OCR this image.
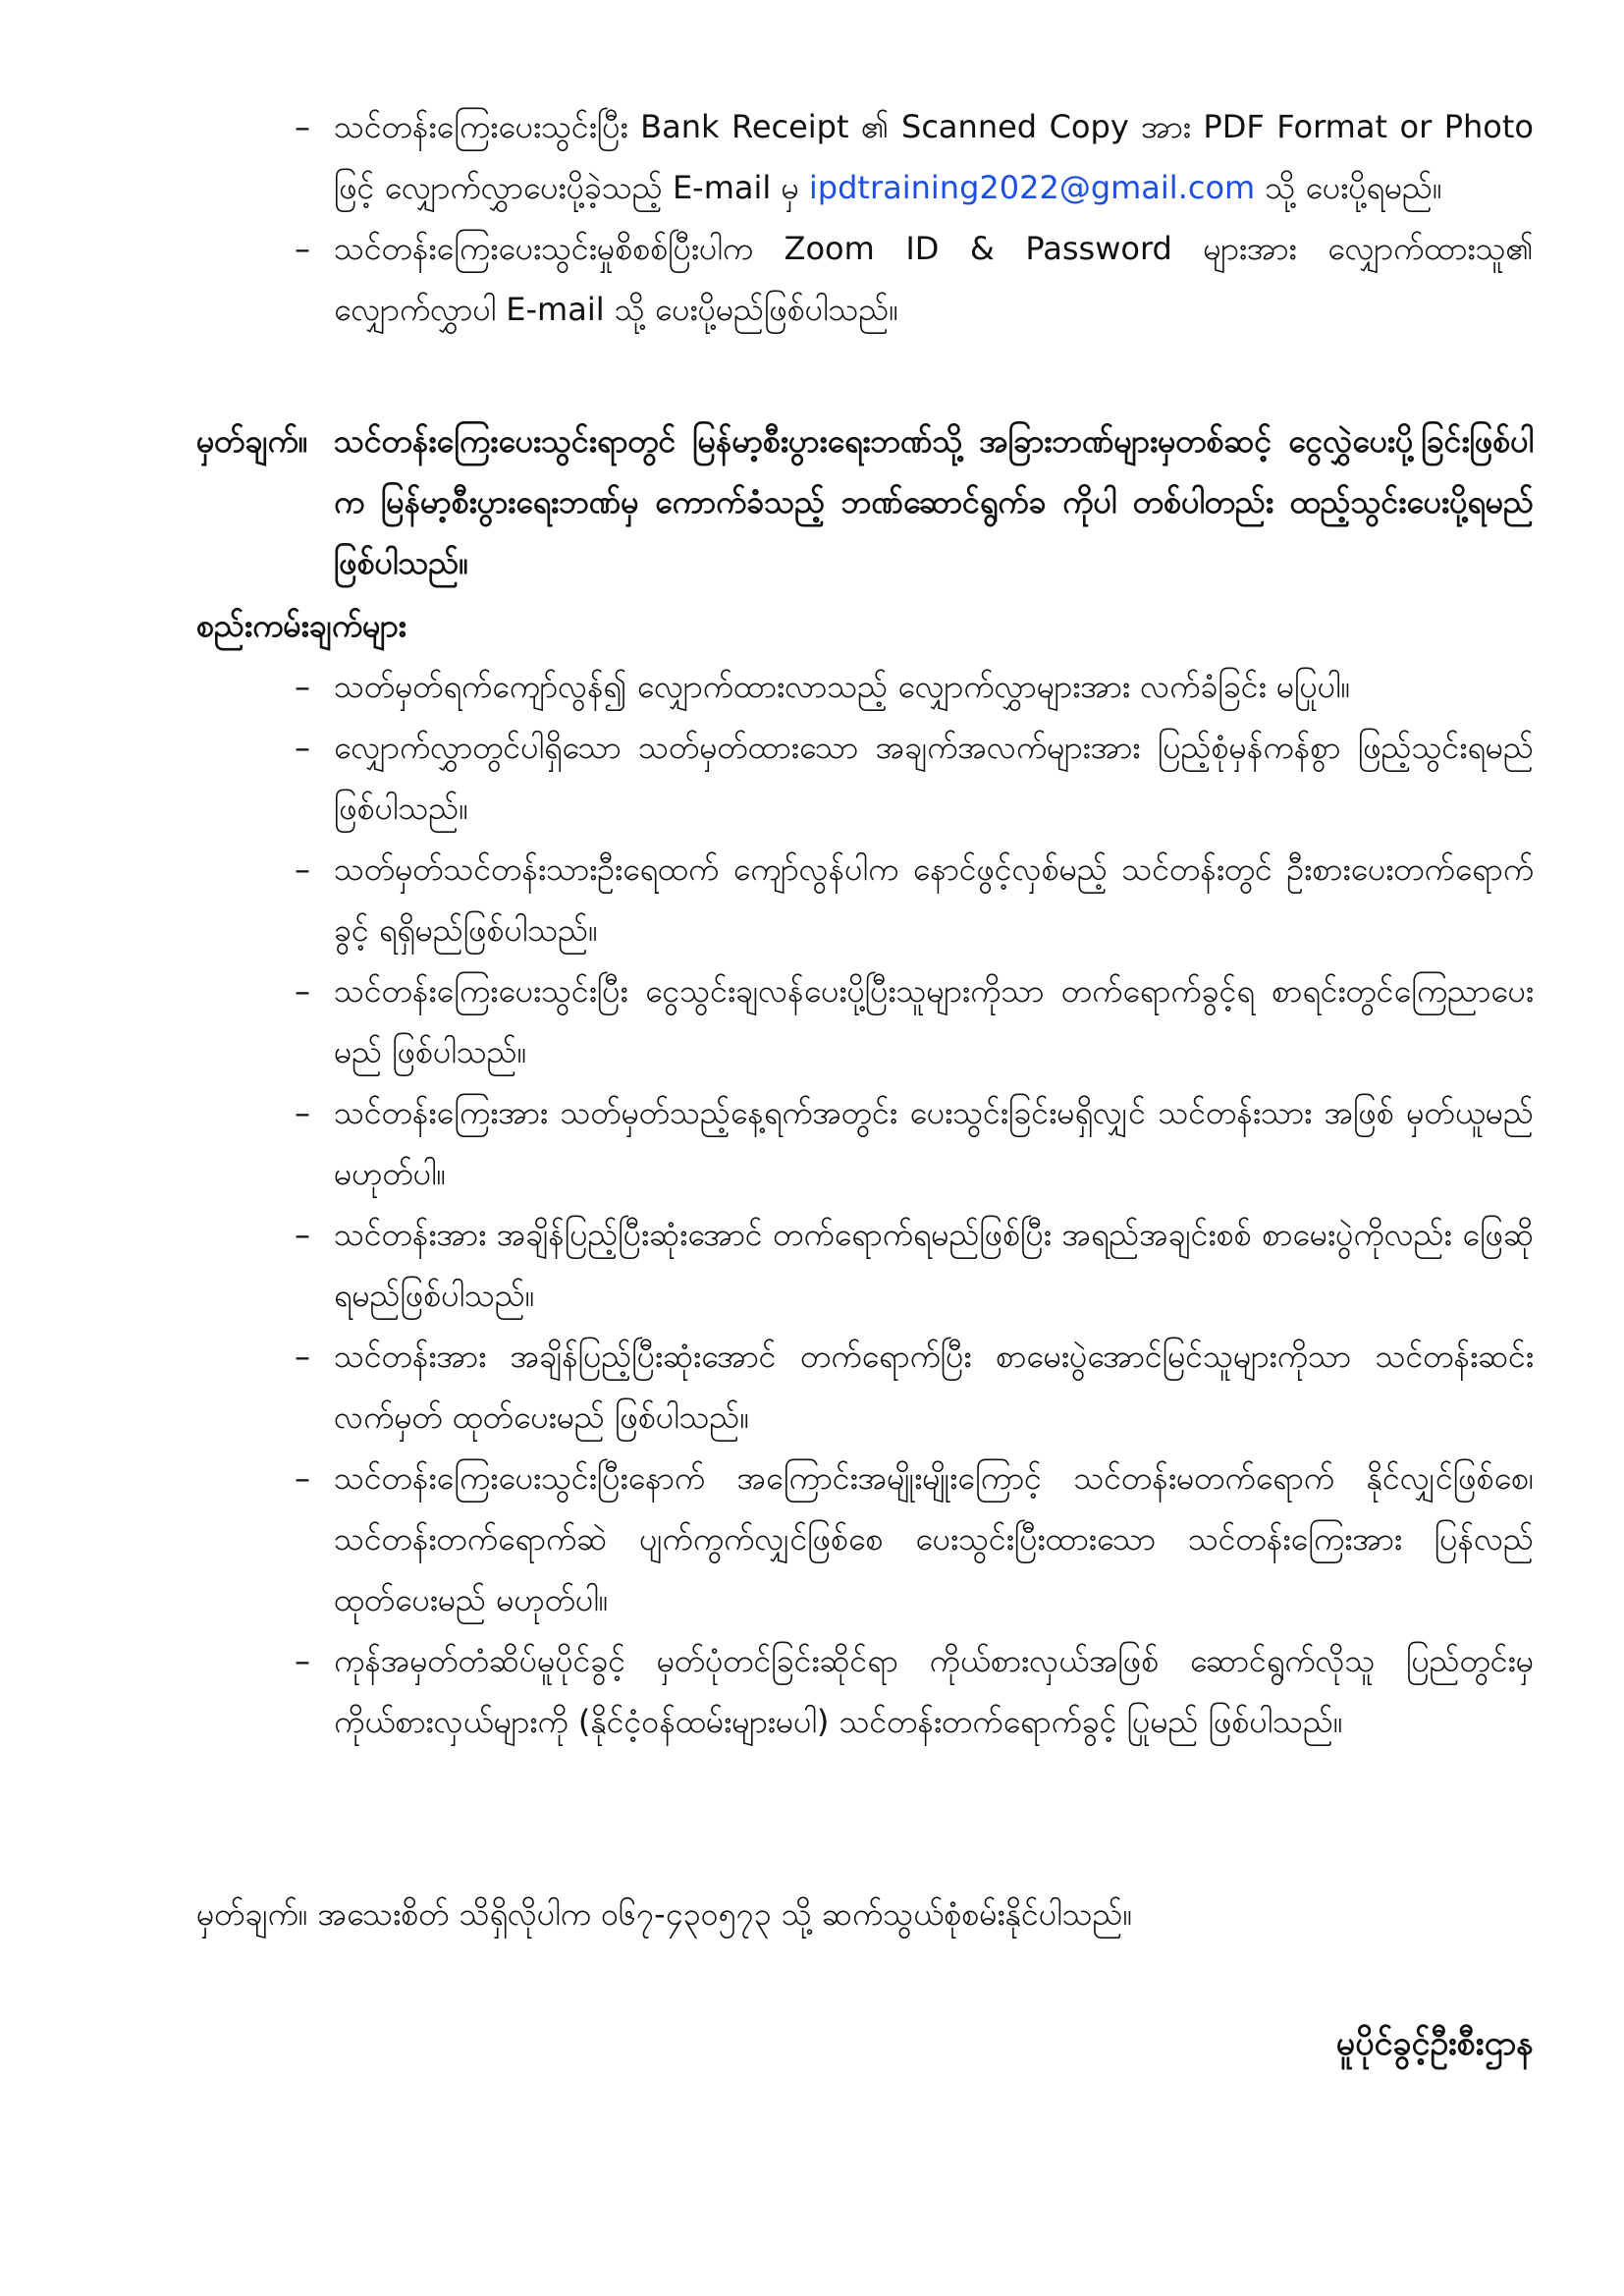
– သင်တန်းကြေးပေးသွင်းပြီး Bank Receipt ၏ Scanned Copy အား PDF Format or Photo ဖြင့် လျှောက်လွှာပေးပို့ခဲ့သည့် E-mail မှ ipdtraining2022@gmail.com သို့ ပေးပို့ရမည်။

– သင်တန်းကြေးပေးသွင်းမှုစိစစ်ပြီးပါက Zoom ID & Password များအား လျှောက်ထားသူ၏ လျှောက်လွှာပါ E-mail သို့ ပေးပို့မည်ဖြစ်ပါသည်။

မှတ်ချက်။ သင်တန်းကြေးပေးသွင်းရာတွင် မြန်မာ့စီးပွားရေးဘဏ်သို့ အခြားဘဏ်များမှတစ်ဆင့် ငွေလွှဲပေးပို့ခြင်းဖြစ်ပါက မြန်မာ့စီးပွားရေးဘဏ်မှ ကောက်ခံသည့် ဘဏ်ဆောင်ရွက်ခ ကိုပါ တစ်ပါတည်း ထည့်သွင်းပေးပို့ရမည် ဖြစ်ပါသည်။
စည်းကမ်းချက်များ

– သတ်မှတ်ရက်ကျော်လွန်၍ လျှောက်ထားလာသည့် လျှောက်လွှာများအား လက်ခံခြင်း မပြုပါ။

– လျှောက်လွှာတွင်ပါရှိသော သတ်မှတ်ထားသော အချက်အလက်များအား ပြည့်စုံမှန်ကန်စွာ ဖြည့်သွင်းရမည်ဖြစ်ပါသည်။

– သတ်မှတ်သင်တန်းသားဦးရေထက် ကျော်လွန်ပါက နောင်ဖွင့်လှစ်မည့် သင်တန်းတွင် ဦးစားပေးတက်ရောက်ခွင့် ရရှိမည်ဖြစ်ပါသည်။

– သင်တန်းကြေးပေးသွင်းပြီး ငွေသွင်းချလန်ပေးပို့ပြီးသူများကိုသာ တက်ရောက်ခွင့်ရ စာရင်းတွင်ကြေညာပေးမည် ဖြစ်ပါသည်။

– သင်တန်းကြေးအား သတ်မှတ်သည့်နေ့ရက်အတွင်း ပေးသွင်းခြင်းမရှိလျှင် သင်တန်းသား အဖြစ် မှတ်ယူမည်မဟုတ်ပါ။

– သင်တန်းအား အချိန်ပြည့်ပြီးဆုံးအောင် တက်ရောက်ရမည်ဖြစ်ပြီး အရည်အချင်းစစ် စာမေးပွဲကိုလည်း ဖြေဆိုရမည်ဖြစ်ပါသည်။

– သင်တန်းအား အချိန်ပြည့်ပြီးဆုံးအောင် တက်ရောက်ပြီး စာမေးပွဲအောင်မြင်သူများကိုသာ သင်တန်းဆင်းလက်မှတ် ထုတ်ပေးမည် ဖြစ်ပါသည်။

– သင်တန်းကြေးပေးသွင်းပြီးနောက် အကြောင်းအမျိုးမျိုးကြောင့် သင်တန်းမတက်ရောက် နိုင်လျှင်ဖြစ်စေ၊ သင်တန်းတက်ရောက်ဆဲ ပျက်ကွက်လျှင်ဖြစ်စေ ပေးသွင်းပြီးထားသော သင်တန်းကြေးအား ပြန်လည်ထုတ်ပေးမည် မဟုတ်ပါ။

– ကုန်အမှတ်တံဆိပ်မူပိုင်ခွင့် မှတ်ပုံတင်ခြင်းဆိုင်ရာ ကိုယ်စားလှယ်အဖြစ် ဆောင်ရွက်လိုသူ ပြည်တွင်းမှ ကိုယ်စားလှယ်များကို (နိုင်ငံ့ဝန်ထမ်းများမပါ) သင်တန်းတက်ရောက်ခွင့် ပြုမည် ဖြစ်ပါသည်။

မှတ်ချက်။ အသေးစိတ် သိရှိလိုပါက ၀၆၇-၄၃၀၅၇၃ သို့ ဆက်သွယ်စုံစမ်းနိုင်ပါသည်။
မူပိုင်ခွင့်ဦးစီးဌာန
